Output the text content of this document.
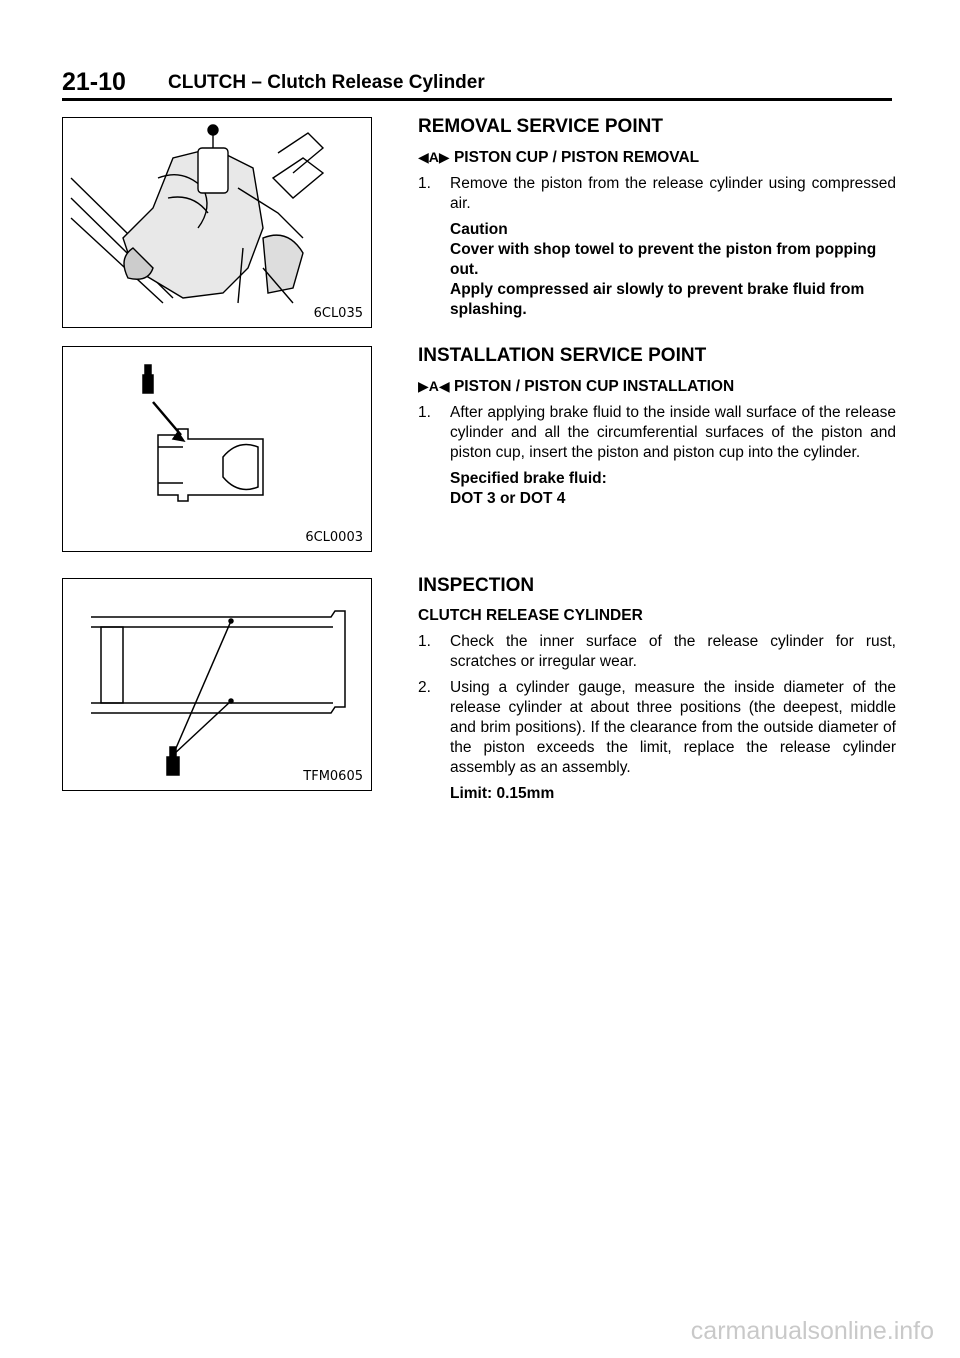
21-10 CLUTCH – Clutch Release Cylinder
6CL035
6CL0003
TFM0605
REMOVAL SERVICE POINT
◀A▶ PISTON CUP / PISTON REMOVAL
1.	Remove the piston from the release cylinder using compressed air.
Caution
Cover with shop towel to prevent the piston from popping out.
Apply compressed air slowly to prevent brake fluid from splashing.
INSTALLATION SERVICE POINT
▶A◀ PISTON / PISTON CUP INSTALLATION
1.	After applying brake fluid to the inside wall surface of the release cylinder and all the circumferential surfaces of the piston and piston cup, insert the piston and piston cup into the cylinder.
Specified brake fluid:
DOT 3 or DOT 4
INSPECTION
CLUTCH RELEASE CYLINDER
1.	Check the inner surface of the release cylinder for rust, scratches or irregular wear.
2.	Using a cylinder gauge, measure the inside diameter of the release cylinder at about three positions (the deepest, middle and brim positions). If the clearance from the outside diameter of the piston exceeds the limit, replace the release cylinder assembly as an assembly.
Limit: 0.15mm
carmanualsonline.info
